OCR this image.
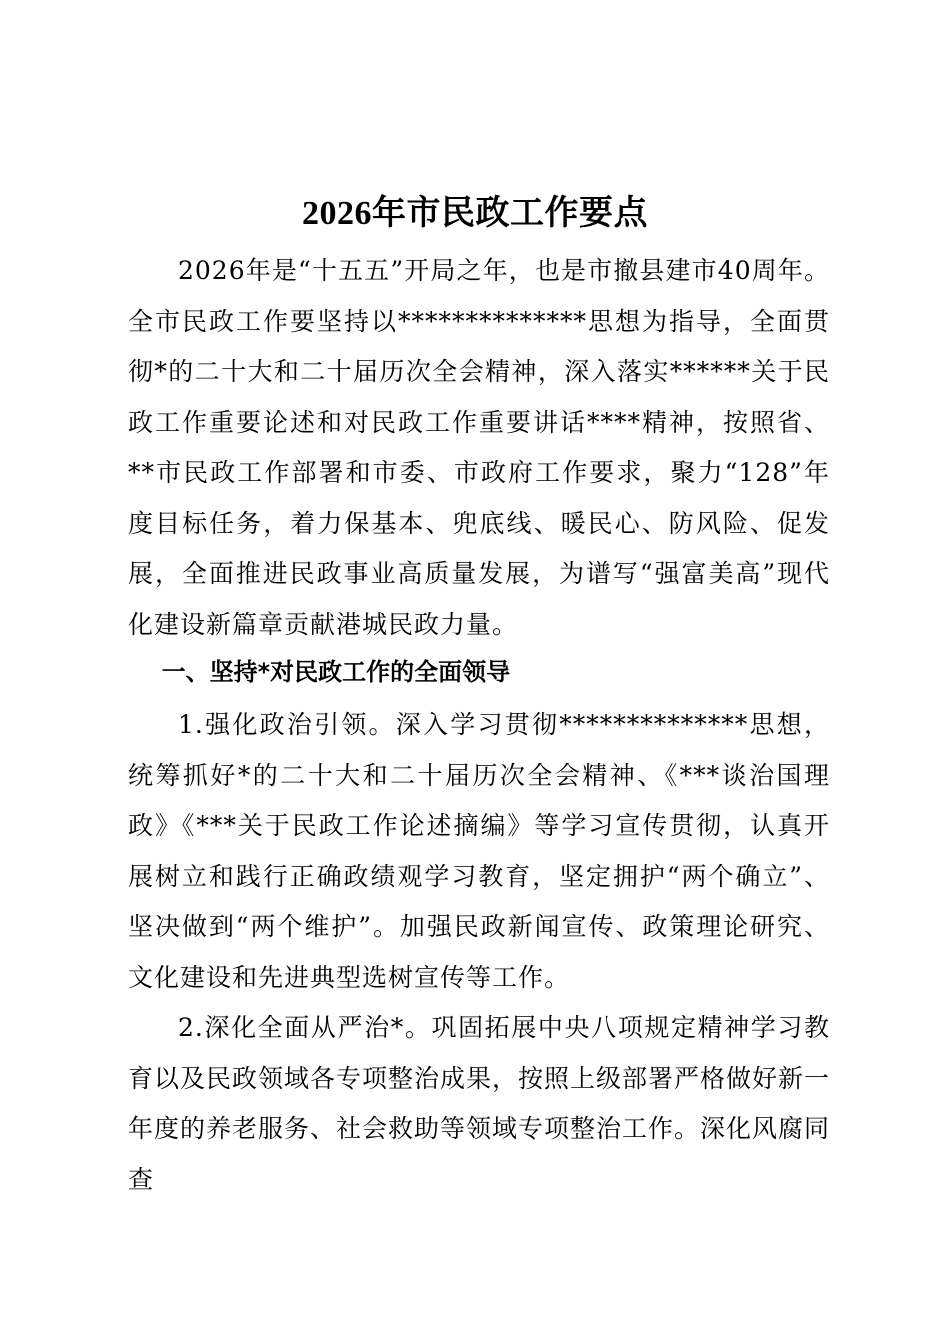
2026年市民政工作要点

2026年是“十五五”开局之年，也是市撤县建市40周年。全市民政工作要坚持以**************思想为指导，全面贯彻*的二十大和二十届历次全会精神，深入落实******关于民政工作重要论述和对民政工作重要讲话****精神，按照省、**市民政工作部署和市委、市政府工作要求，聚力“128”年度目标任务，着力保基本、兜底线、暖民心、防风险、促发展，全面推进民政事业高质量发展，为谱写“强富美高”现代化建设新篇章贡献港城民政力量。

一、坚持*对民政工作的全面领导

1.强化政治引领。深入学习贯彻**************思想，统筹抓好*的二十大和二十届历次全会精神、《***谈治国理政》《***关于民政工作论述摘编》等学习宣传贯彻，认真开展树立和践行正确政绩观学习教育，坚定拥护“两个确立”、坚决做到“两个维护”。加强民政新闻宣传、政策理论研究、文化建设和先进典型选树宣传等工作。

2.深化全面从严治*。巩固拓展中央八项规定精神学习教育以及民政领域各专项整治成果，按照上级部署严格做好新一年度的养老服务、社会救助等领域专项整治工作。深化风腐同查
